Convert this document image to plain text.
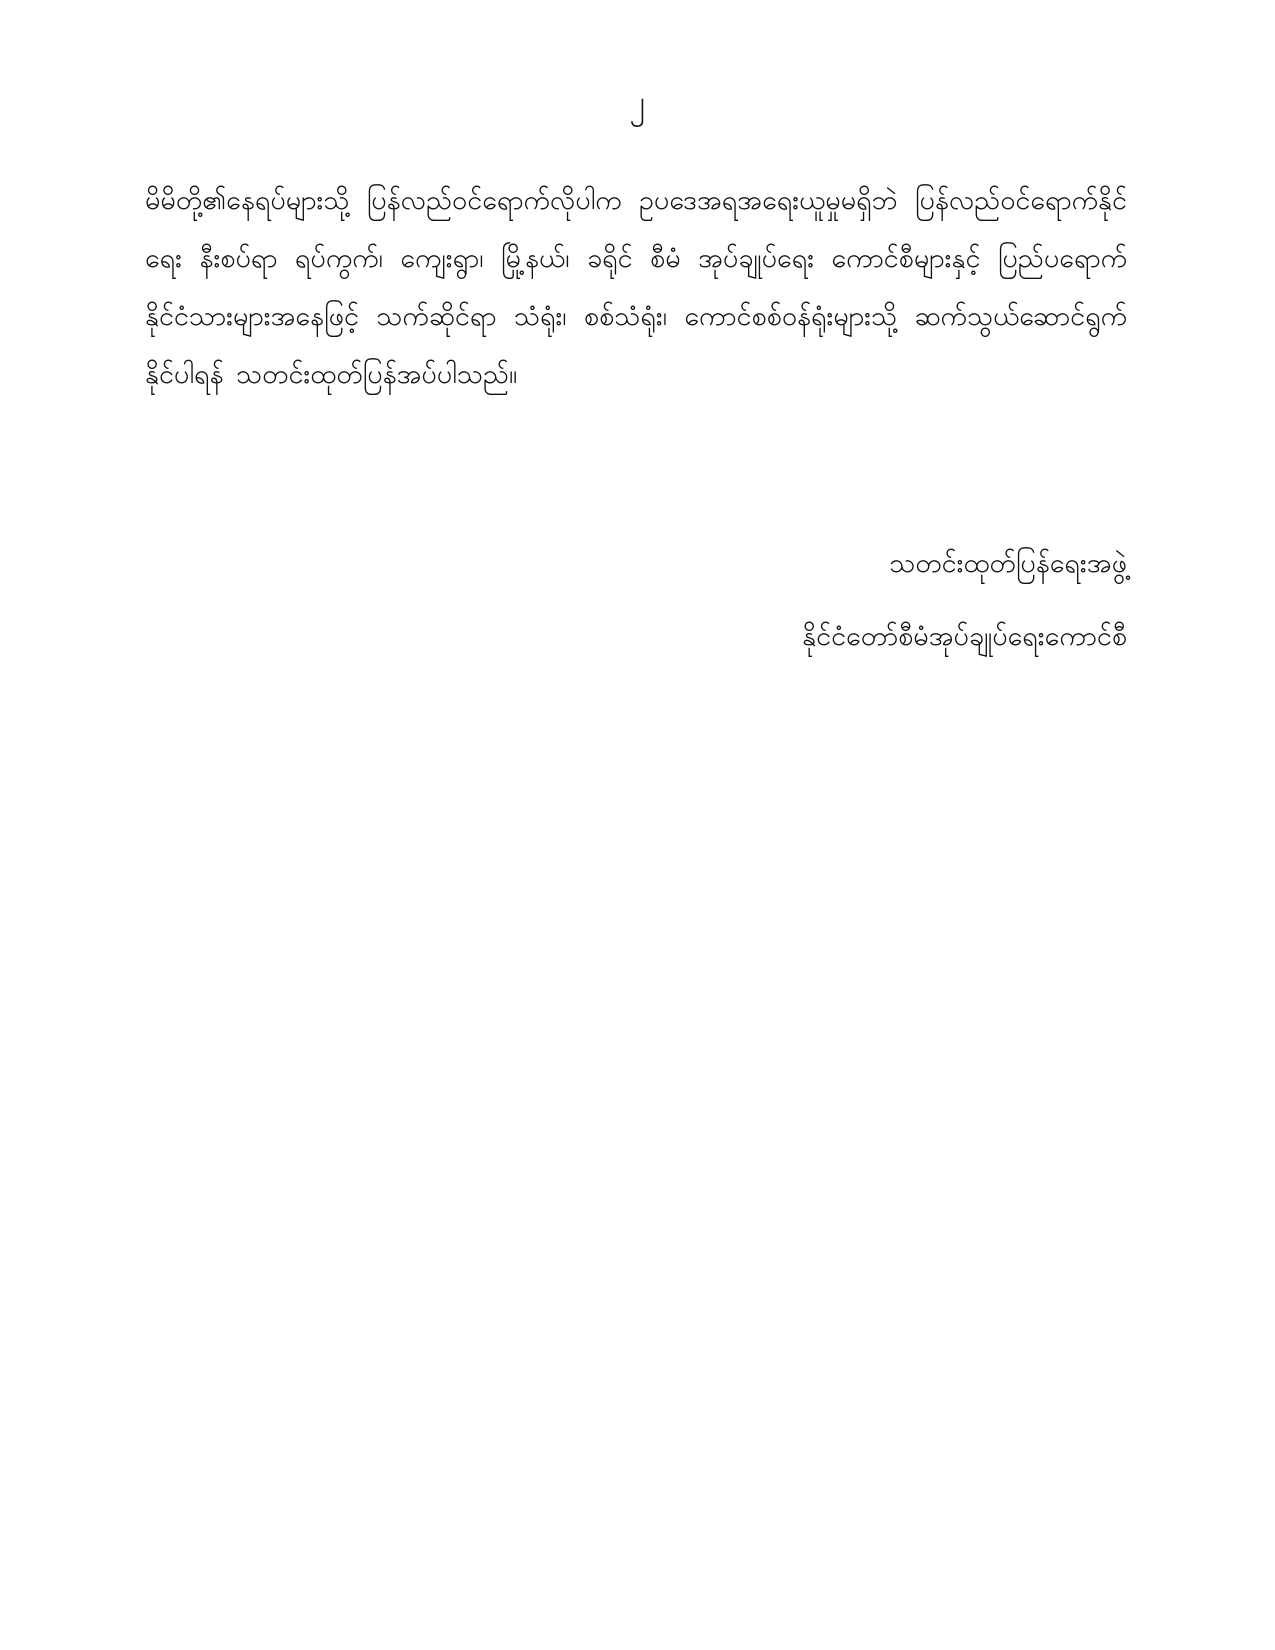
၂

မိမိတို့၏နေရပ်များသို့ ပြန်လည်ဝင်ရောက်လိုပါက ဥပဒေအရအရေးယူမှုမရှိဘဲ ပြန်လည်ဝင်ရောက်နိုင်ရေး နီးစပ်ရာ ရပ်ကွက်၊ ကျေးရွာ၊ မြို့နယ်၊ ခရိုင် စီမံ အုပ်ချုပ်ရေး ကောင်စီများနှင့် ပြည်ပရောက်နိုင်ငံသားများအနေဖြင့် သက်ဆိုင်ရာ သံရုံး၊ စစ်သံရုံး၊ ကောင်စစ်ဝန်ရုံးများသို့ ဆက်သွယ်ဆောင်ရွက်နိုင်ပါရန် သတင်းထုတ်ပြန်အပ်ပါသည်။

သတင်းထုတ်ပြန်ရေးအဖွဲ့
နိုင်ငံတော်စီမံအုပ်ချုပ်ရေးကောင်စီ
